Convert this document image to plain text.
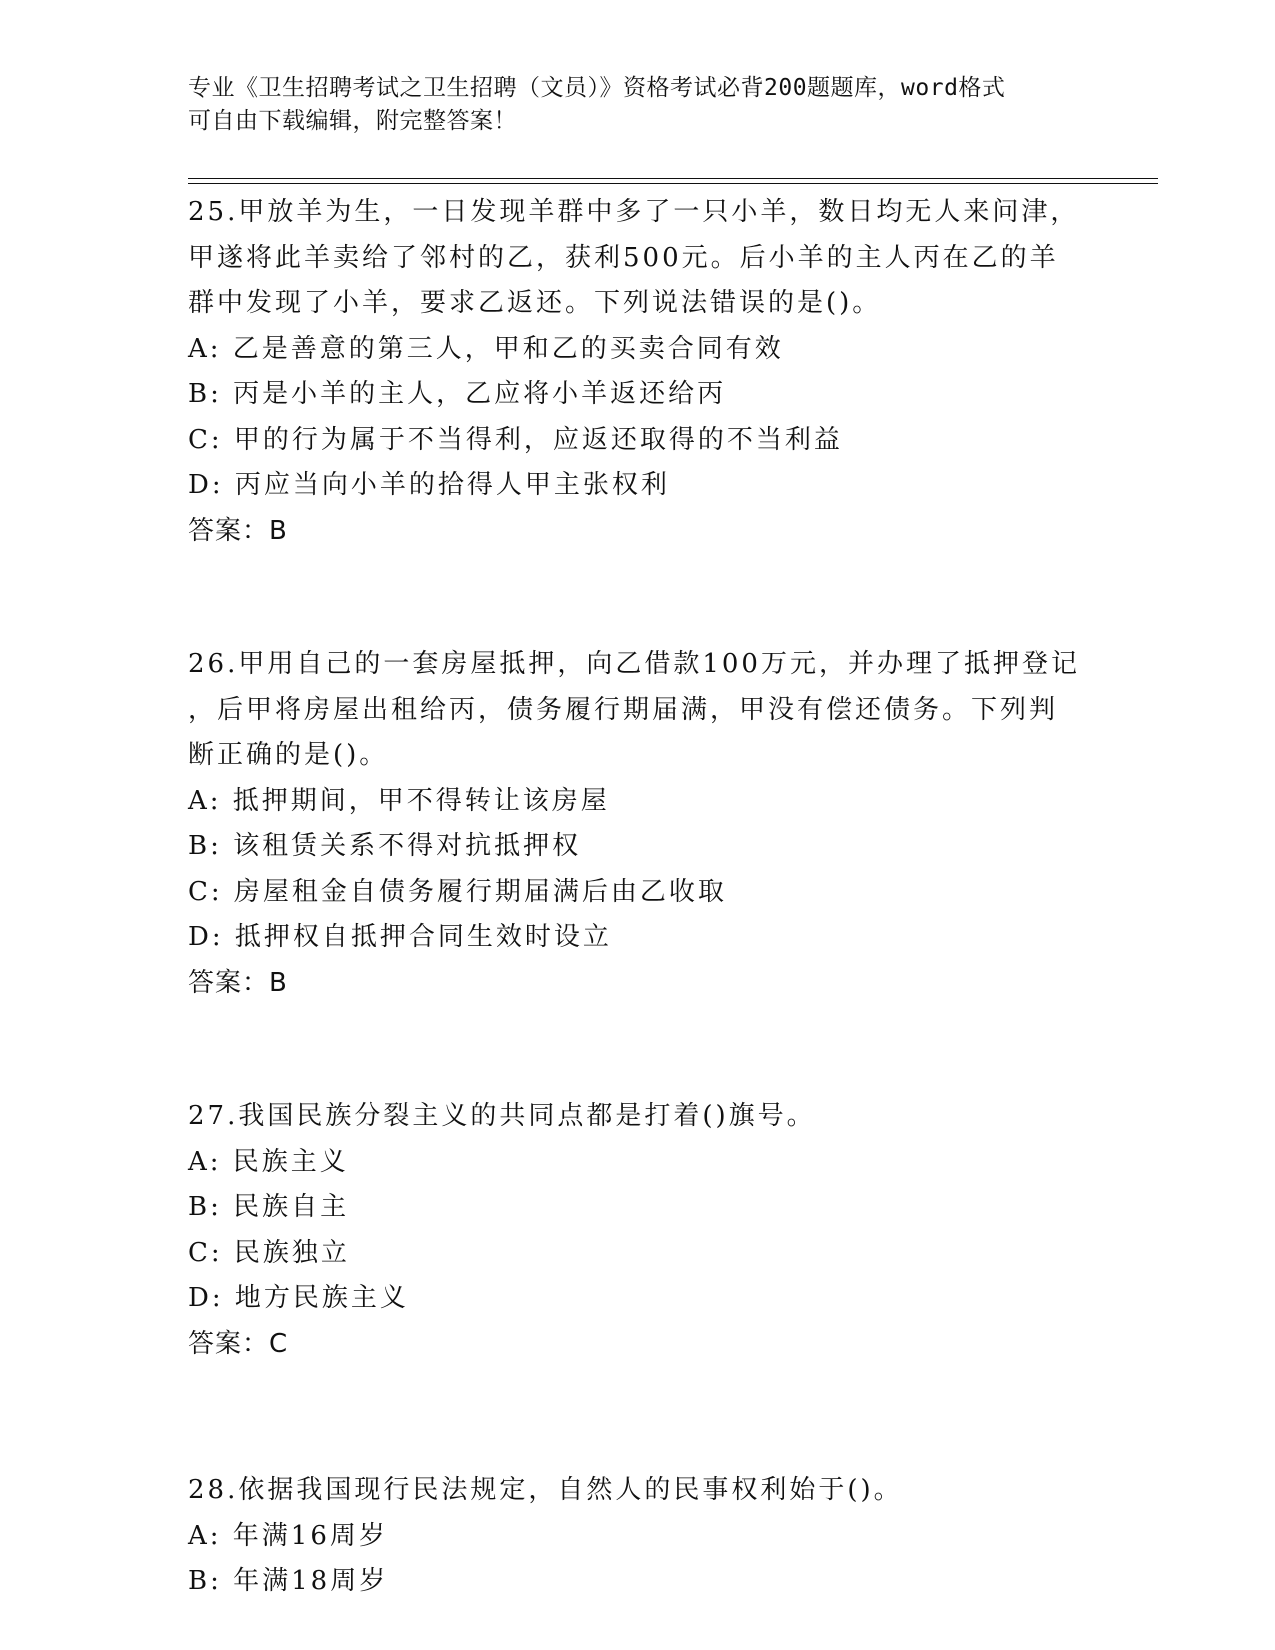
专业《卫生招聘考试之卫生招聘（文员）》资格考试必背200题题库，word格式
可自由下载编辑，附完整答案！
25.甲放羊为生，一日发现羊群中多了一只小羊，数日均无人来问津，
甲遂将此羊卖给了邻村的乙，获利500元。后小羊的主人丙在乙的羊
群中发现了小羊，要求乙返还。下列说法错误的是()。
A: 乙是善意的第三人，甲和乙的买卖合同有效
B: 丙是小羊的主人，乙应将小羊返还给丙
C: 甲的行为属于不当得利，应返还取得的不当利益
D: 丙应当向小羊的拾得人甲主张权利
答案：B
26.甲用自己的一套房屋抵押，向乙借款100万元，并办理了抵押登记
，后甲将房屋出租给丙，债务履行期届满，甲没有偿还债务。下列判
断正确的是()。
A: 抵押期间，甲不得转让该房屋
B: 该租赁关系不得对抗抵押权
C: 房屋租金自债务履行期届满后由乙收取
D: 抵押权自抵押合同生效时设立
答案：B
27.我国民族分裂主义的共同点都是打着()旗号。
A: 民族主义
B: 民族自主
C: 民族独立
D: 地方民族主义
答案：C
28.依据我国现行民法规定，自然人的民事权利始于()。
A: 年满16周岁
B: 年满18周岁
